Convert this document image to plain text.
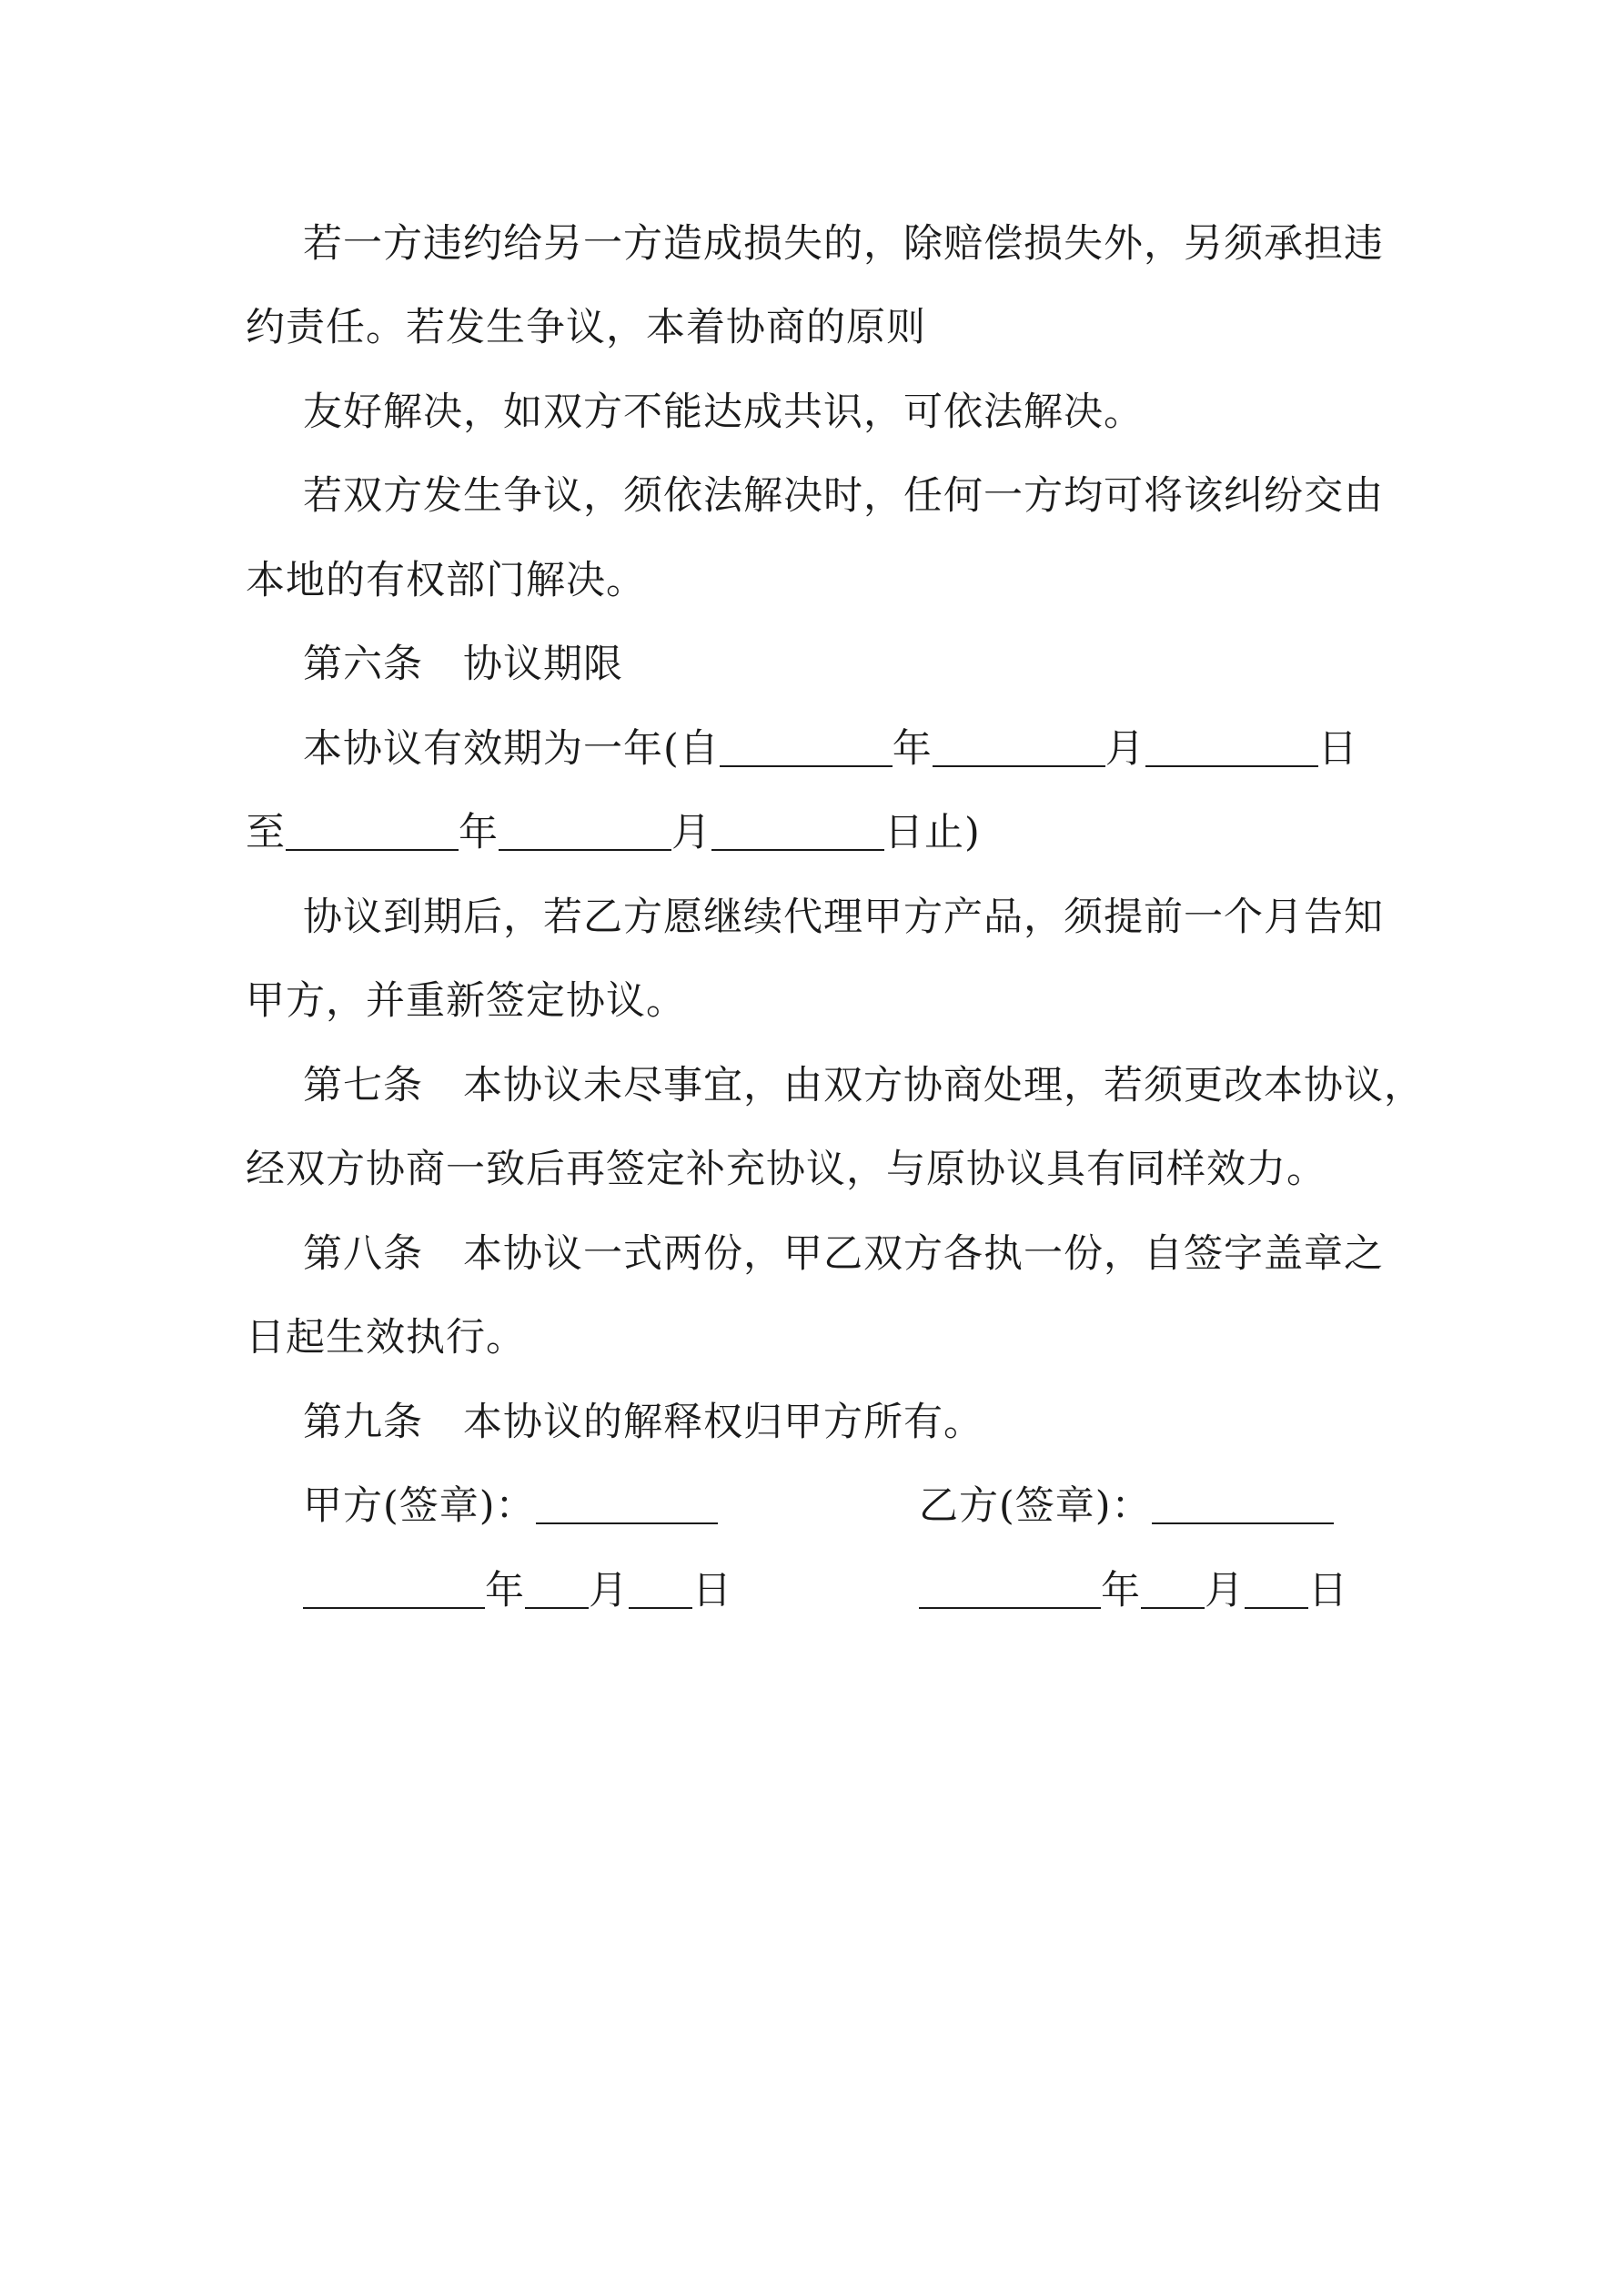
若一方违约给另一方造成损失的，除赔偿损失外，另须承担违
约责任。若发生争议，本着协商的原则
友好解决，如双方不能达成共识，可依法解决。
若双方发生争议，须依法解决时，任何一方均可将该纠纷交由
本地的有权部门解决。
第六条　协议期限
本协议有效期为一年(自	年	月	日
至	年	月	日止)
协议到期后，若乙方愿继续代理甲方产品，须提前一个月告知
甲方，并重新签定协议。
第七条　本协议未尽事宜，由双方协商处理，若须更改本协议，
经双方协商一致后再签定补充协议，与原协议具有同样效力。
第八条　本协议一式两份，甲乙双方各执一份，自签字盖章之
日起生效执行。
第九条　本协议的解释权归甲方所有。
甲方(签章)：	乙方(签章)：
年 月 日	年 月 日
